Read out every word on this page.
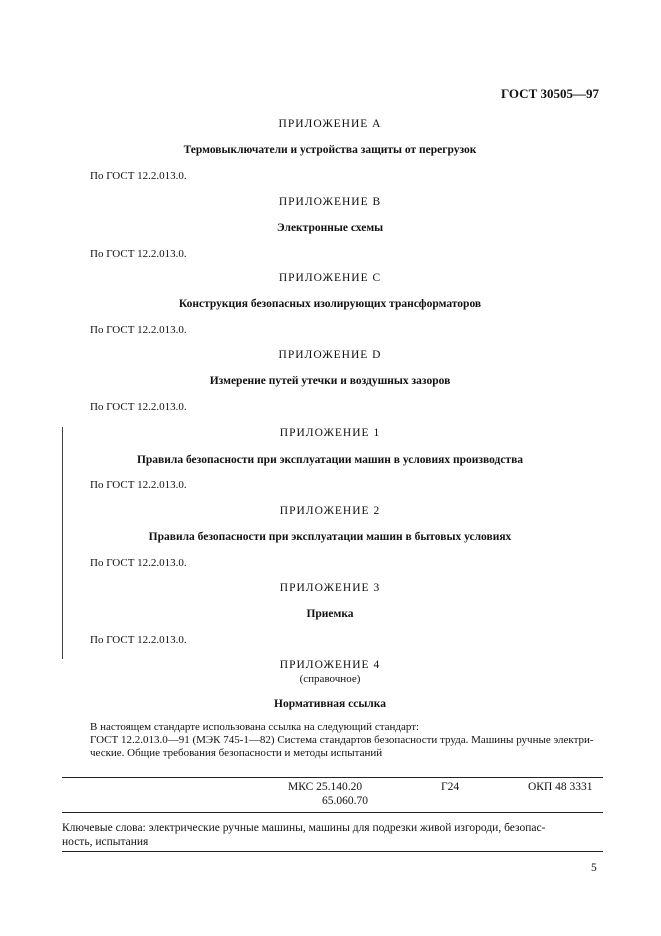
ГОСТ 30505—97
ПРИЛОЖЕНИЕ A
Термовыключатели и устройства защиты от перегрузок
По ГОСТ 12.2.013.0.
ПРИЛОЖЕНИЕ B
Электронные схемы
По ГОСТ 12.2.013.0.
ПРИЛОЖЕНИЕ C
Конструкция безопасных изолирующих трансформаторов
По ГОСТ 12.2.013.0.
ПРИЛОЖЕНИЕ D
Измерение путей утечки и воздушных зазоров
По ГОСТ 12.2.013.0.
ПРИЛОЖЕНИЕ 1
Правила безопасности при эксплуатации машин в условиях производства
По ГОСТ 12.2.013.0.
ПРИЛОЖЕНИЕ 2
Правила безопасности при эксплуатации машин в бытовых условиях
По ГОСТ 12.2.013.0.
ПРИЛОЖЕНИЕ 3
Приемка
По ГОСТ 12.2.013.0.
ПРИЛОЖЕНИЕ 4
(справочное)
Нормативная ссылка

В настоящем стандарте использована ссылка на следующий стандарт:

ГОСТ 12.2.013.0—91 (МЭК 745-1—82) Система стандартов безопасности труда. Машины ручные электри-

ческие. Общие требования безопасности и методы испытаний

МКС 25.140.20
65.060.70
Г24	ОКП 48 3331
Ключевые слова: электрические ручные машины, машины для подрезки живой изгороди, безопас-
ность, испытания
5
